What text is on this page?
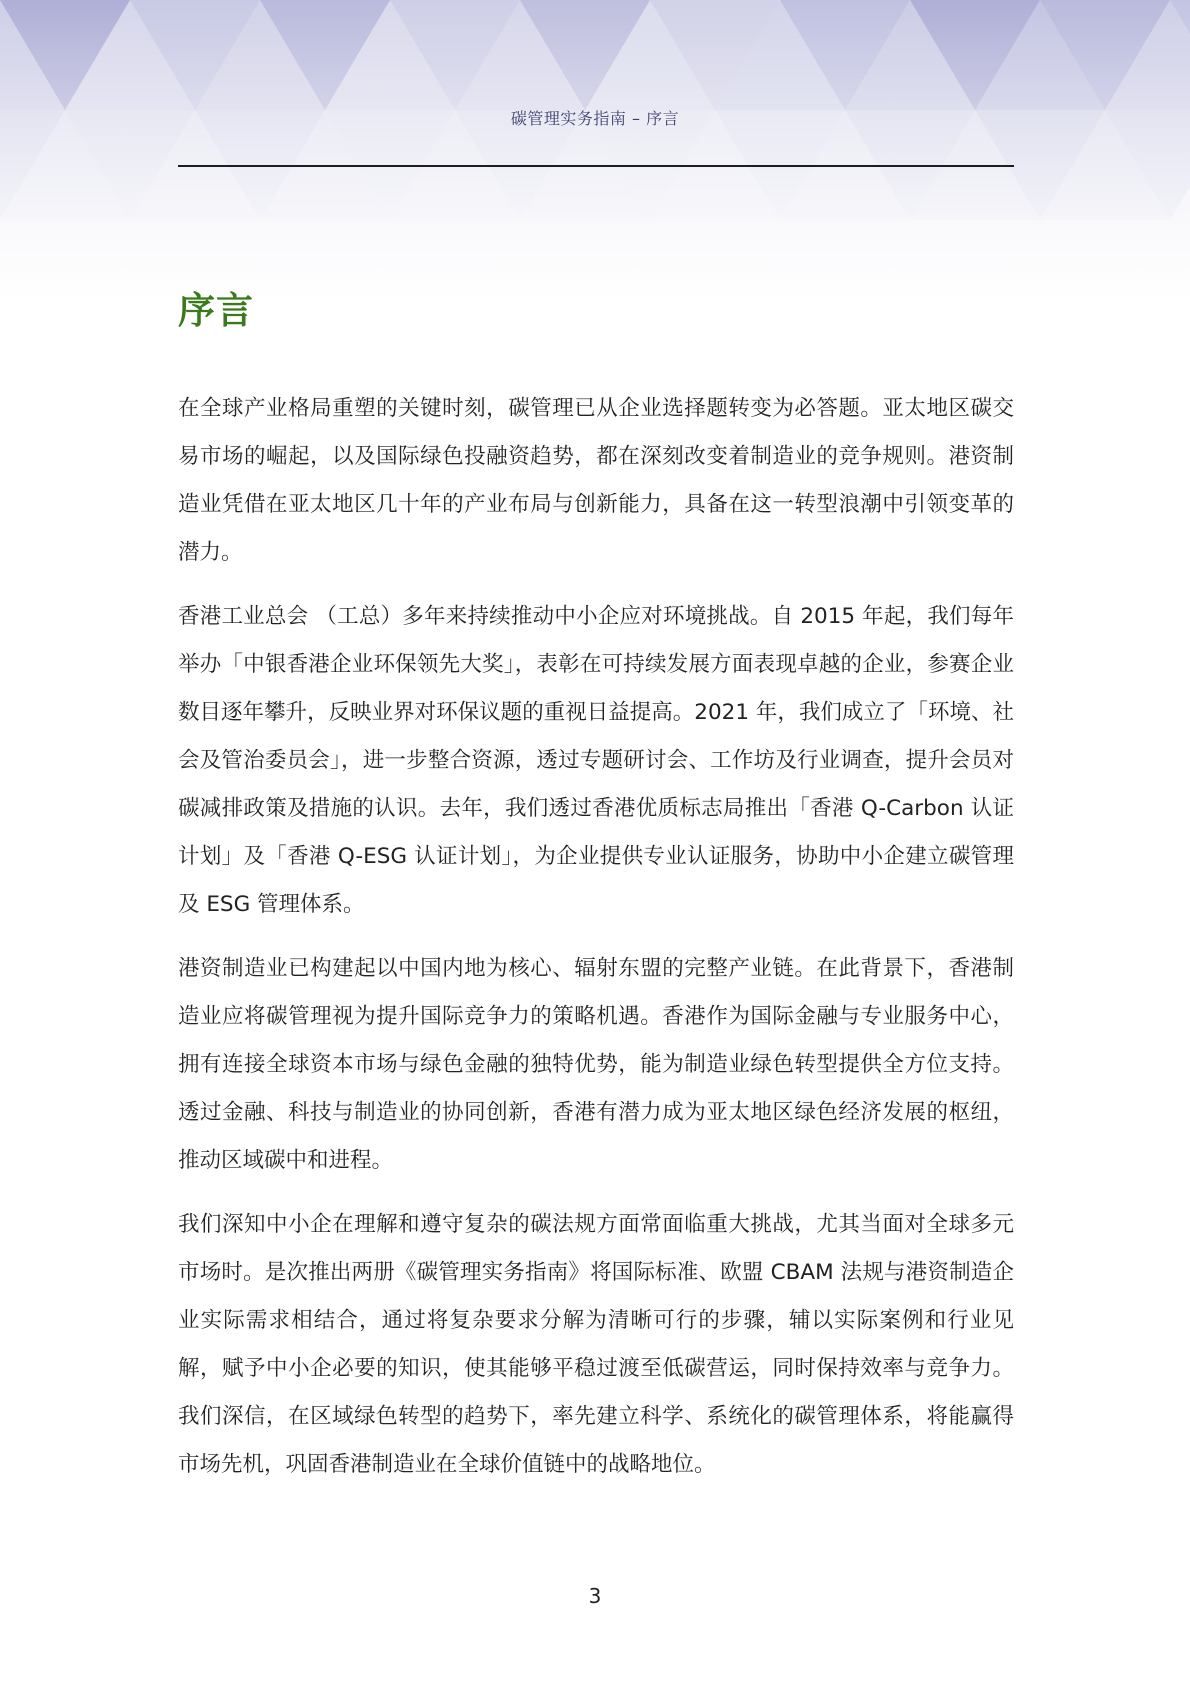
碳管理实务指南 – 序言
序言

在全球产业格局重塑的关键时刻，碳管理已从企业选择题转变为必答题。亚太地区碳交易市场的崛起，以及国际绿色投融资趋势，都在深刻改变着制造业的竞争规则。港资制造业凭借在亚太地区几十年的产业布局与创新能力，具备在这一转型浪潮中引领变革的潜力。

香港工业总会 （工总）多年来持续推动中小企应对环境挑战。自 2015 年起，我们每年举办「中银香港企业环保领先大奖」，表彰在可持续发展方面表现卓越的企业，参赛企业数目逐年攀升，反映业界对环保议题的重视日益提高。2021 年，我们成立了「环境、社会及管治委员会」，进一步整合资源，透过专题研讨会、工作坊及行业调查，提升会员对碳减排政策及措施的认识。去年，我们透过香港优质标志局推出「香港 Q-Carbon 认证计划」及「香港 Q-ESG 认证计划」，为企业提供专业认证服务，协助中小企建立碳管理及 ESG 管理体系。

港资制造业已构建起以中国内地为核心、辐射东盟的完整产业链。在此背景下，香港制造业应将碳管理视为提升国际竞争力的策略机遇。香港作为国际金融与专业服务中心，拥有连接全球资本市场与绿色金融的独特优势，能为制造业绿色转型提供全方位支持。透过金融、科技与制造业的协同创新，香港有潜力成为亚太地区绿色经济发展的枢纽，推动区域碳中和进程。

我们深知中小企在理解和遵守复杂的碳法规方面常面临重大挑战，尤其当面对全球多元市场时。是次推出两册《碳管理实务指南》将国际标准、欧盟 CBAM 法规与港资制造企业实际需求相结合，通过将复杂要求分解为清晰可行的步骤，辅以实际案例和行业见解，赋予中小企必要的知识，使其能够平稳过渡至低碳营运，同时保持效率与竞争力。我们深信，在区域绿色转型的趋势下，率先建立科学、系统化的碳管理体系，将能赢得市场先机，巩固香港制造业在全球价值链中的战略地位。

3
